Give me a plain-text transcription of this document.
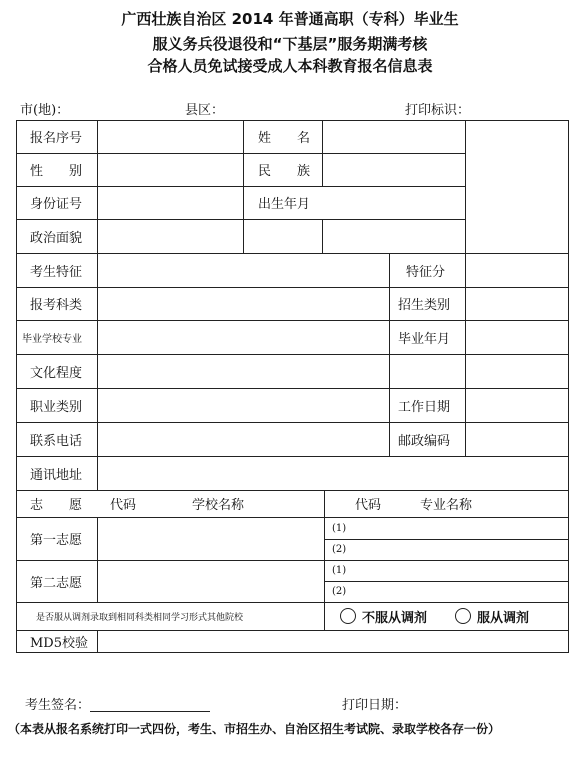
广西壮族自治区 2014 年普通高职（专科）毕业生
服义务兵役退役和“下基层”服务期满考核
合格人员免试接受成人本科教育报名信息表
市(地)：	县区：	打印标识：
报名序号	姓　　名
性　　别	民　　族
身份证号	出生年月
政治面貌
考生特征	特征分
报考科类	招生类别
毕业学校专业	毕业年月
文化程度
职业类别	工作日期
联系电话	邮政编码
通讯地址
志　　愿 代码	学校名称	代码	专业名称
第一志愿
(1)
(2)
第二志愿
(1)
(2)
是否服从调剂录取到相同科类相同学习形式其他院校	不服从调剂	服从调剂
MD5校验
考生签名：	打印日期：
（本表从报名系统打印一式四份，考生、市招生办、自治区招生考试院、录取学校各存一份）
